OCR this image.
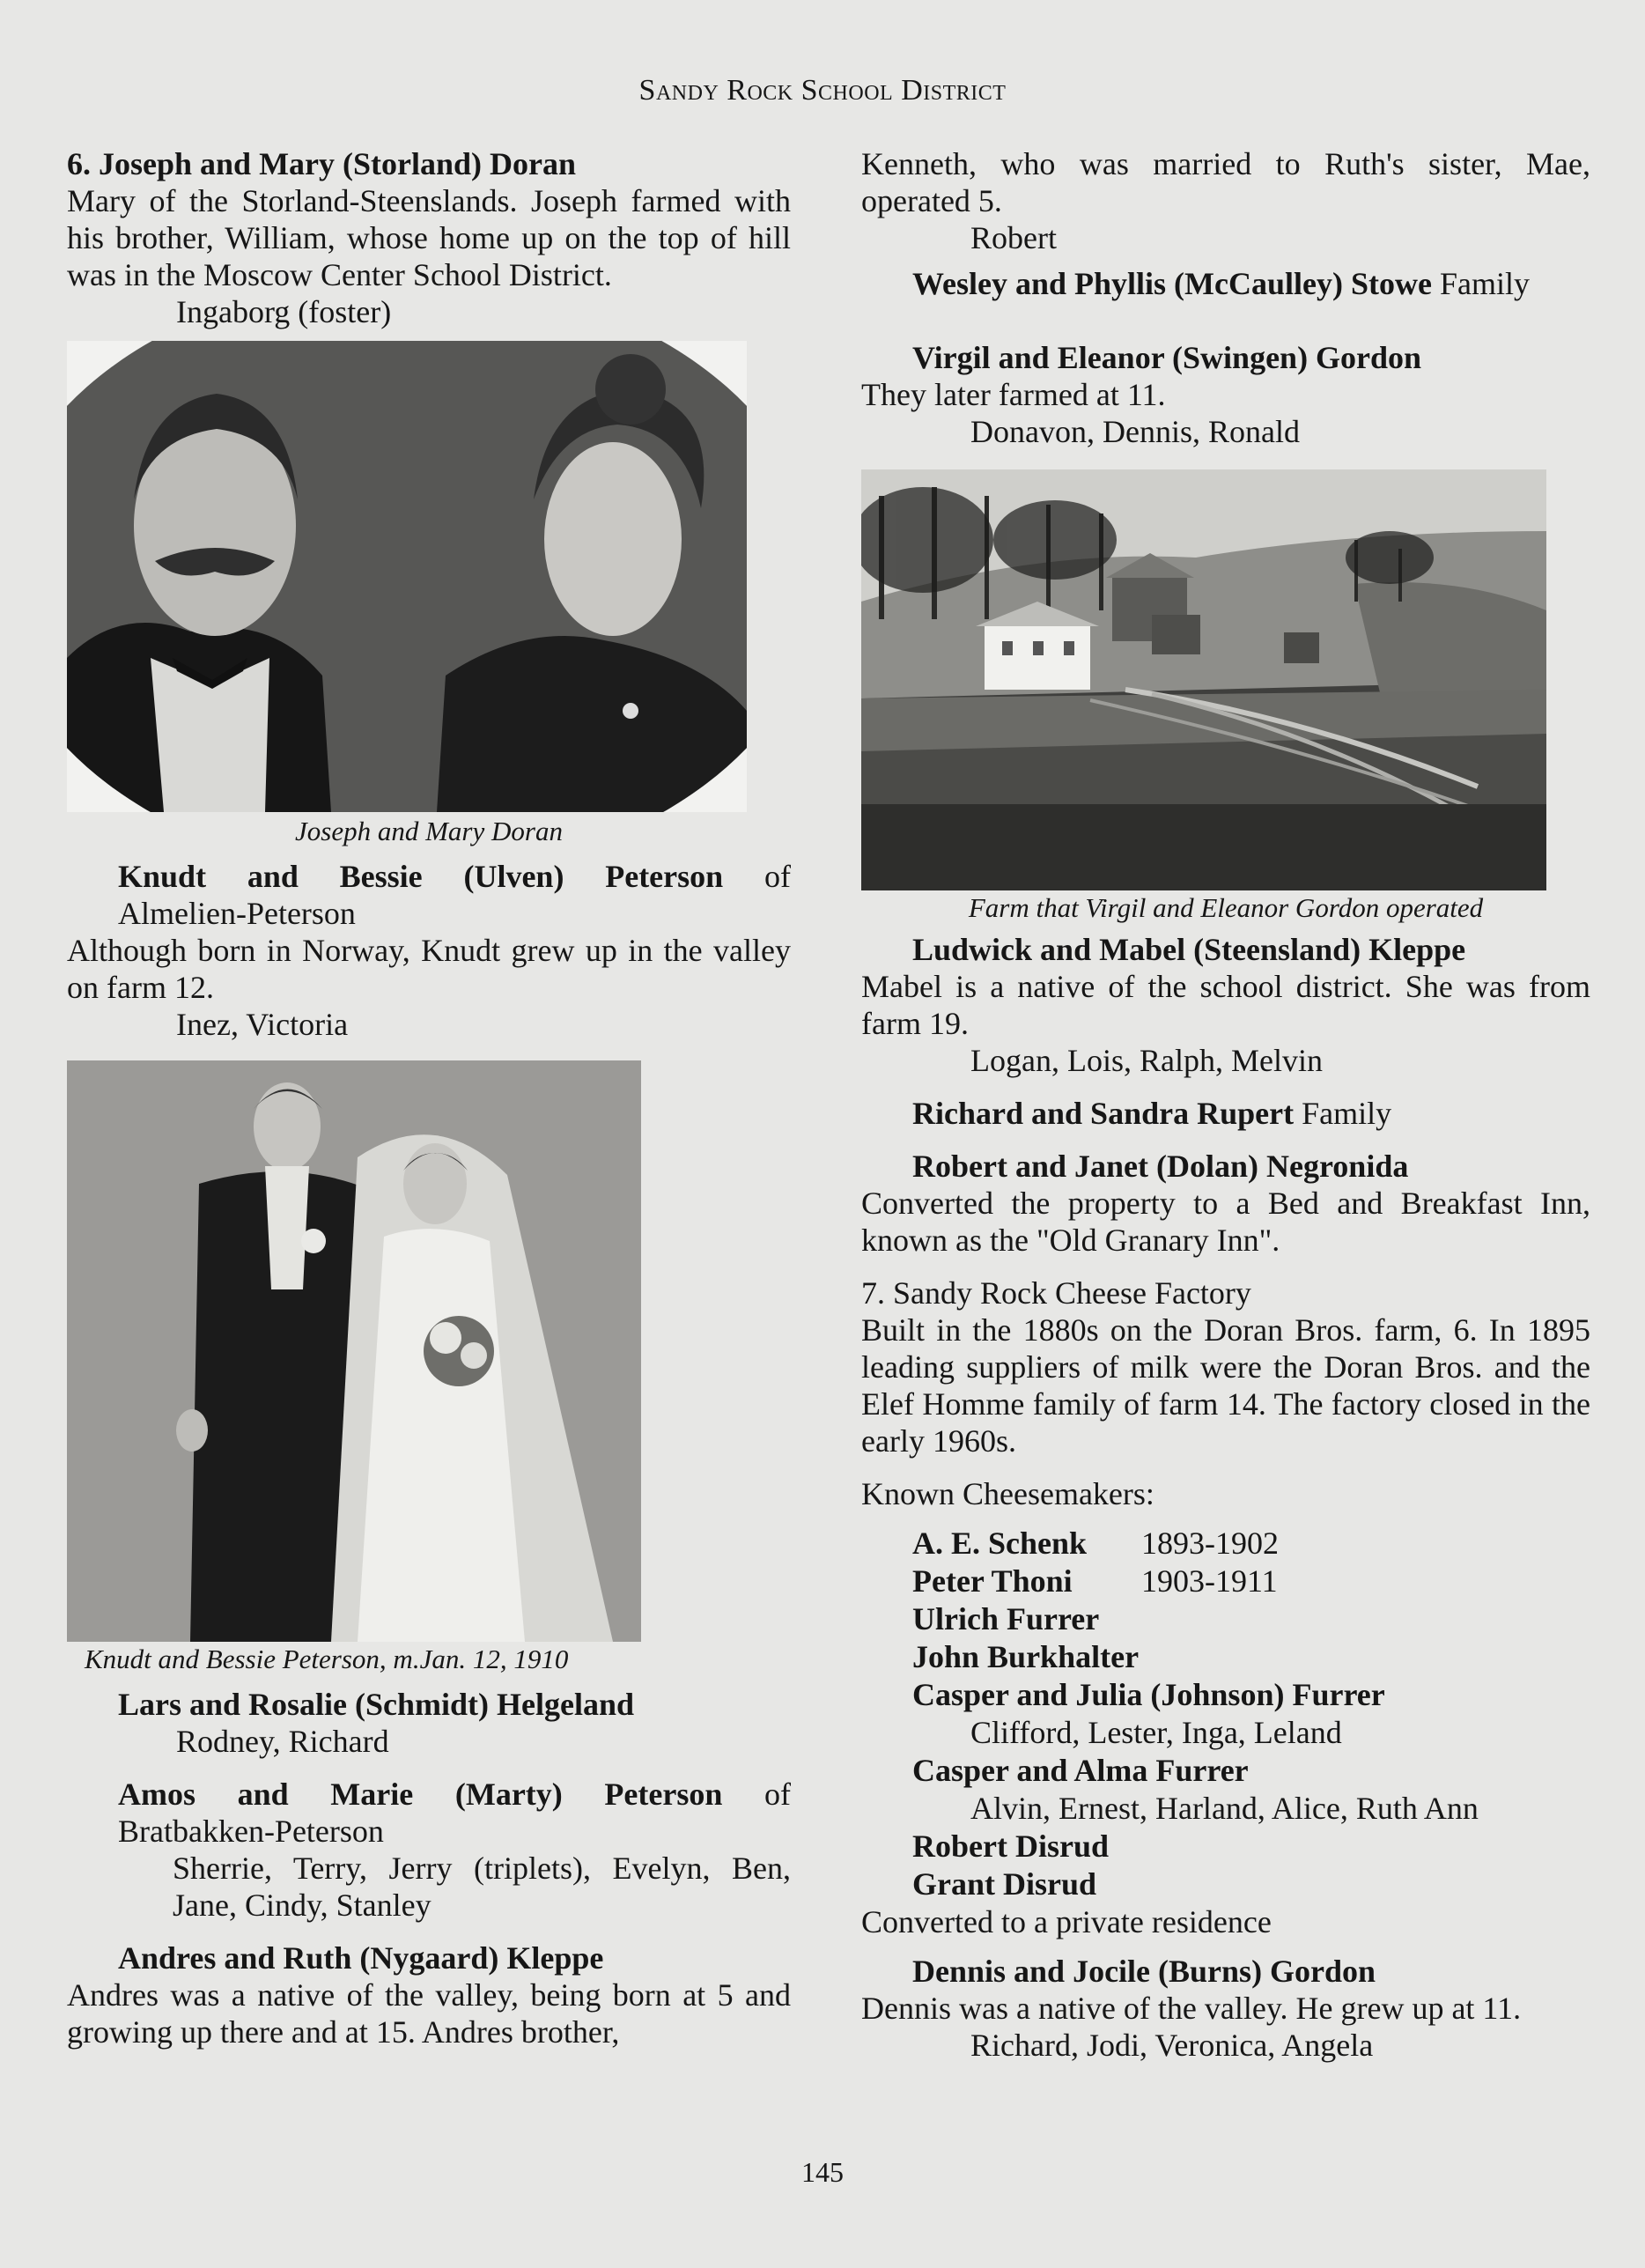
Sandy Rock School District

6. Joseph and Mary (Storland) Doran

Mary of the Storland-Steenslands. Joseph farmed with his brother, William, whose home up on the top of hill was in the Moscow Center School District.

Ingaborg (foster)

Joseph and Mary Doran

Knudt and Bessie (Ulven) Peterson of

Almelien-Peterson

Although born in Norway, Knudt grew up in the valley on farm 12.

Inez, Victoria

Knudt and Bessie Peterson, m.Jan. 12, 1910

Lars and Rosalie (Schmidt) Helgeland

Rodney, Richard

Amos and Marie (Marty) Peterson of

Bratbakken-Peterson

Sherrie, Terry, Jerry (triplets), Evelyn, Ben, Jane, Cindy, Stanley

Andres and Ruth (Nygaard) Kleppe

Andres was a native of the valley, being born at 5 and growing up there and at 15. Andres brother,

Kenneth, who was married to Ruth's sister, Mae, operated 5.

Robert

Wesley and Phyllis (McCaulley) Stowe Family

Virgil and Eleanor (Swingen) Gordon

They later farmed at 11.

Donavon, Dennis, Ronald

Farm that Virgil and Eleanor Gordon operated

Ludwick and Mabel (Steensland) Kleppe

Mabel is a native of the school district. She was from farm 19.

Logan, Lois, Ralph, Melvin

Richard and Sandra Rupert Family

Robert and Janet (Dolan) Negronida

Converted the property to a Bed and Breakfast Inn, known as the "Old Granary Inn".

7. Sandy Rock Cheese Factory

Built in the 1880s on the Doran Bros. farm, 6. In 1895 leading suppliers of milk were the Doran Bros. and the Elef Homme family of farm 14. The factory closed in the early 1960s.

Known Cheesemakers:

A. E. Schenk	1893-1902
Peter Thoni	1903-1911
Ulrich Furrer
John Burkhalter
Casper and Julia (Johnson) Furrer
Clifford, Lester, Inga, Leland
Casper and Alma Furrer
Alvin, Ernest, Harland, Alice, Ruth Ann
Robert Disrud
Grant Disrud

Converted to a private residence

Dennis and Jocile (Burns) Gordon

Dennis was a native of the valley. He grew up at 11.

Richard, Jodi, Veronica, Angela

145
